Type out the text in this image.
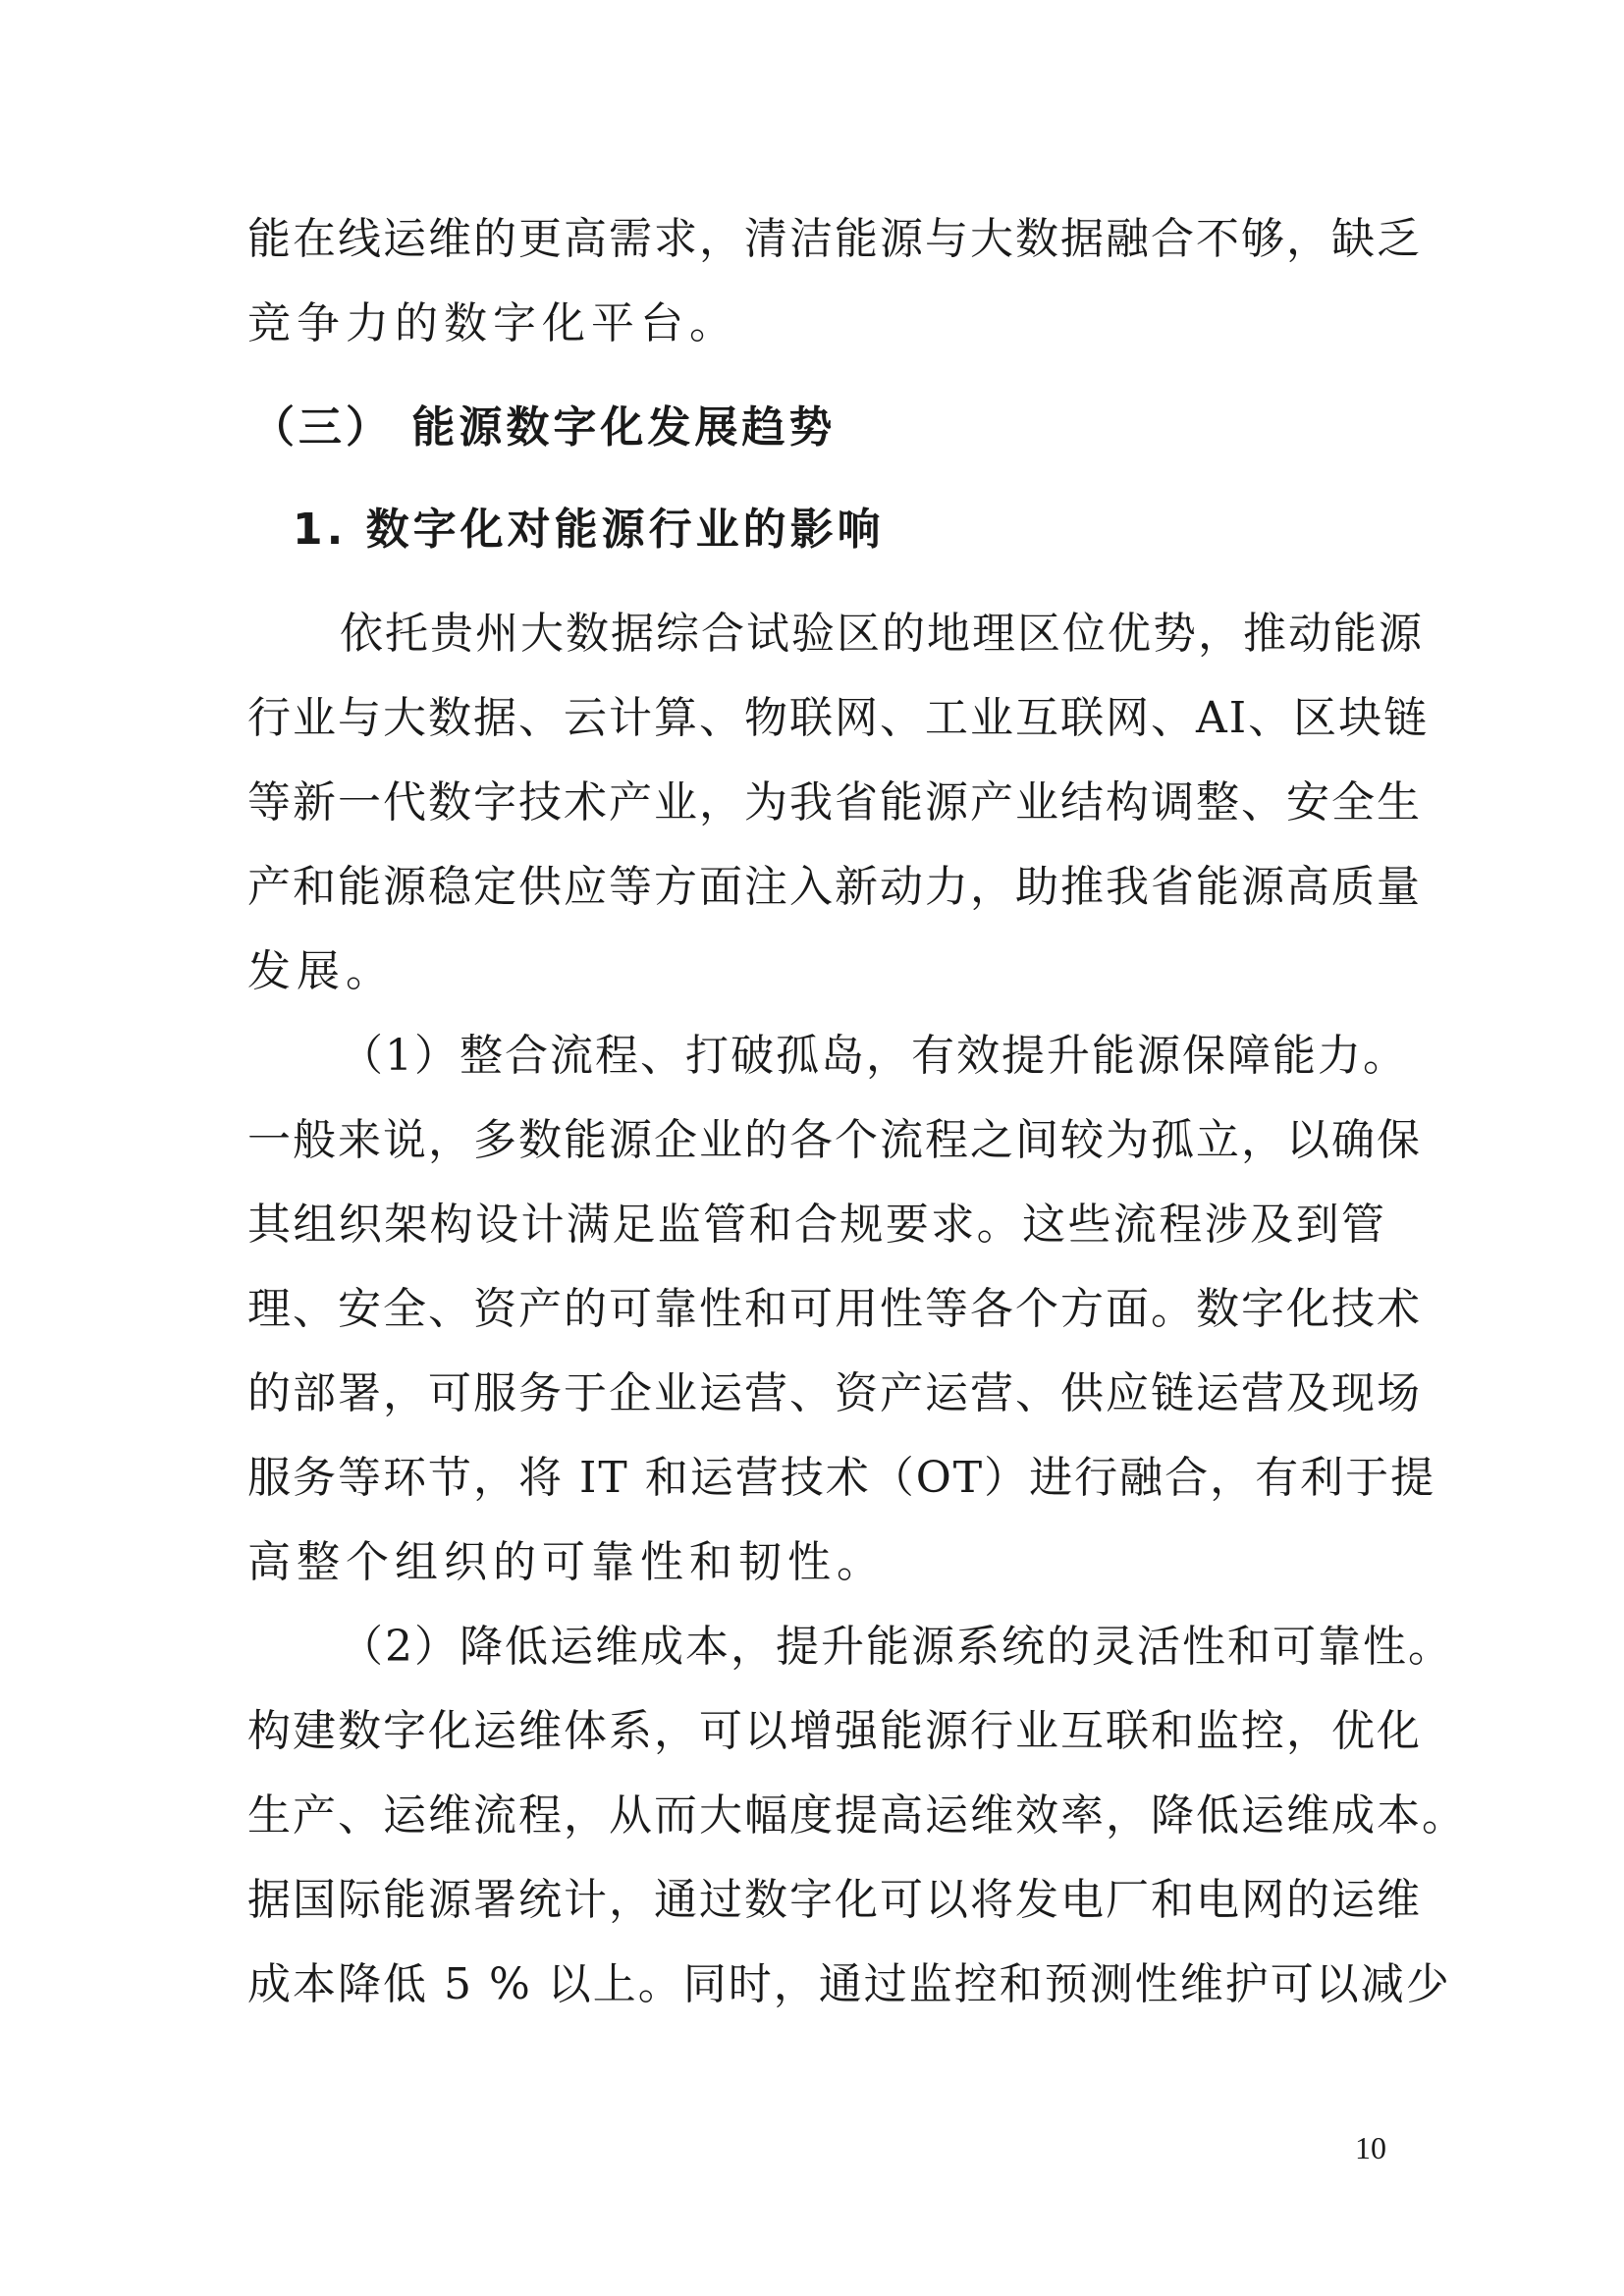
能在线运维的更高需求，清洁能源与大数据融合不够，缺乏
竞争力的数字化平台。
（三） 能源数字化发展趋势
1. 数字化对能源行业的影响
依托贵州大数据综合试验区的地理区位优势，推动能源
行业与大数据、云计算、物联网、工业互联网、AI、区块链
等新一代数字技术产业，为我省能源产业结构调整、安全生
产和能源稳定供应等方面注入新动力，助推我省能源高质量
发展。
（1）整合流程、打破孤岛，有效提升能源保障能力。
一般来说，多数能源企业的各个流程之间较为孤立，以确保
其组织架构设计满足监管和合规要求。这些流程涉及到管
理、安全、资产的可靠性和可用性等各个方面。数字化技术
的部署，可服务于企业运营、资产运营、供应链运营及现场
服务等环节，将 IT 和运营技术（OT）进行融合，有利于提
高整个组织的可靠性和韧性。
（2）降低运维成本，提升能源系统的灵活性和可靠性。
构建数字化运维体系，可以增强能源行业互联和监控，优化
生产、运维流程，从而大幅度提高运维效率，降低运维成本。
据国际能源署统计，通过数字化可以将发电厂和电网的运维
成本降低 5 % 以上。同时，通过监控和预测性维护可以减少
10
